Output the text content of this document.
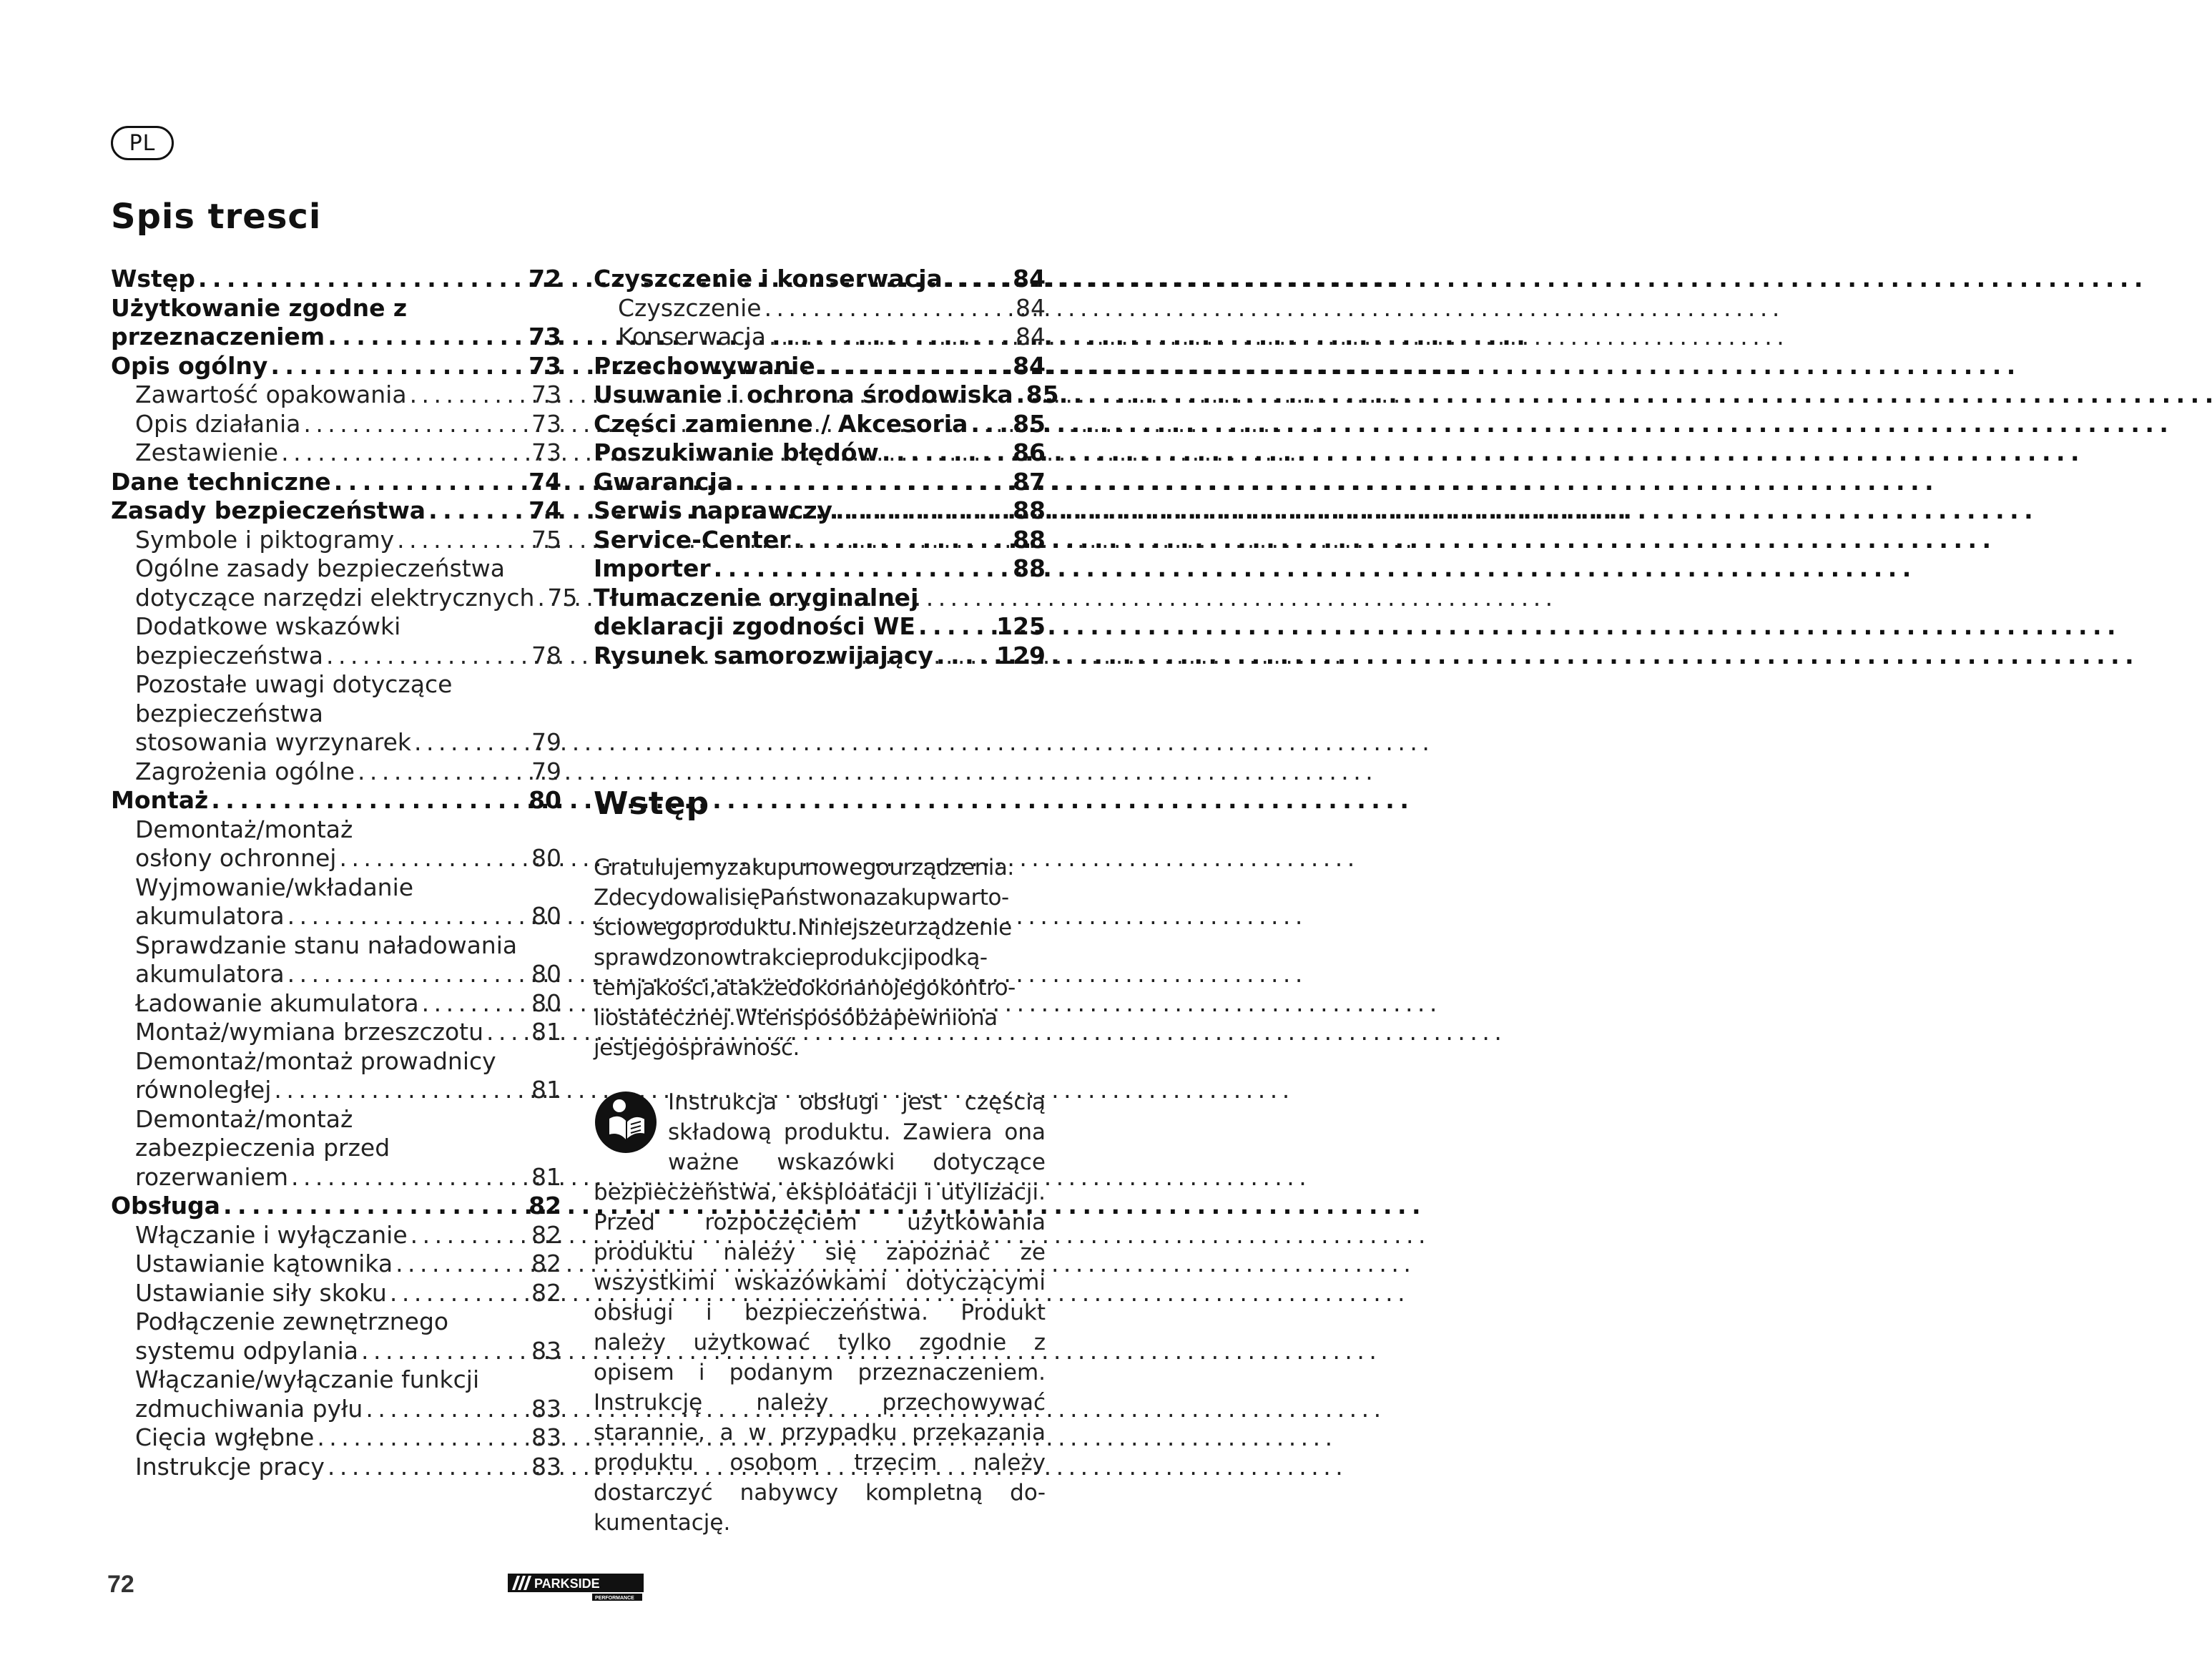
PL
Spis tresci
Wstęp . . .	72
Użytkowanie zgodne z
przeznaczeniem . . .	73
Opis ogólny . . .	73
Zawartość opakowania . . .	73
Opis działania . . .	73
Zestawienie . . .	73
Dane techniczne . . .	74
Zasady bezpieczeństwa . . .	74
Symbole i piktogramy . . .	75
Ogólne zasady bezpieczeństwa
dotyczące narzędzi elektrycznych . . . 75
Dodatkowe wskazówki
bezpieczeństwa . . .	78
Pozostałe uwagi dotyczące
bezpieczeństwa
stosowania wyrzynarek . . .	79
Zagrożenia ogólne . . .	79
Montaż . . .	80
Demontaż/montaż
osłony ochronnej . . .	80
Wyjmowanie/wkładanie
akumulatora . . .	80
Sprawdzanie stanu naładowania
akumulatora . . .	80
Ładowanie akumulatora . . .	80
Montaż/wymiana brzeszczotu . . . 81
Demontaż/montaż prowadnicy
równoległej . . .	81
Demontaż/montaż
zabezpieczenia przed
rozerwaniem . . .	81
Obsługa . . .	82
Włączanie i wyłączanie . . .	82
Ustawianie kątownika . . .	82
Ustawianie siły skoku . . .	82
Podłączenie zewnętrznego
systemu odpylania . . .	83
Włączanie/wyłączanie funkcji
zdmuchiwania pyłu . . .	83
Cięcia wgłębne . . .	83
Instrukcje pracy . . .	83
Czyszczenie i konserwacja . . .	84
Czyszczenie . . .	84
Konserwacja . . .	84
Przechowywanie . . .	84
Usuwanie i ochrona środowiska . . . 85
Części zamienne / Akcesoria . . . 85
Poszukiwanie błędów . . .	86
Gwarancja . . .	87
Serwis naprawczy . . .	88
Service-Center . . .	88
Importer . . .	88
Tłumaczenie oryginalnej
deklaracji zgodności WE . . .	125
Rysunek samorozwijający . . .	129
Wstęp

Gratulujemyzakupunowegourządzenia. ZdecydowalisięPaństwonazakupwartościowegoproduktu.Niniejszeurządzenie sprawdzonowtrakcieprodukcjipodkątemjakości,atakżedokonanojegokontroliostatecznej.Wtensposóbzapewniona jestjegosprawność.

Instrukcja obsługi jest częścią składową produktu. Zawiera ona ważne wskazówki dotyczące bezpieczeństwa, eksploatacji i utylizacji. Przed rozpoczęciem użytkowania produktu należy się zapoznać ze wszystkimi wskazówkami dotyczącymi obsługi i bezpieczeństwa. Produkt należy użytkować tylko zgodnie z opisem i podanym przeznaczeniem. Instrukcję należy przechowywać starannie, a w przypadku przekazania produktu osobom trzecim należy dostarczyć nabywcy kompletną dokumentację.

72	PARKSIDE
PERFORMANCE
